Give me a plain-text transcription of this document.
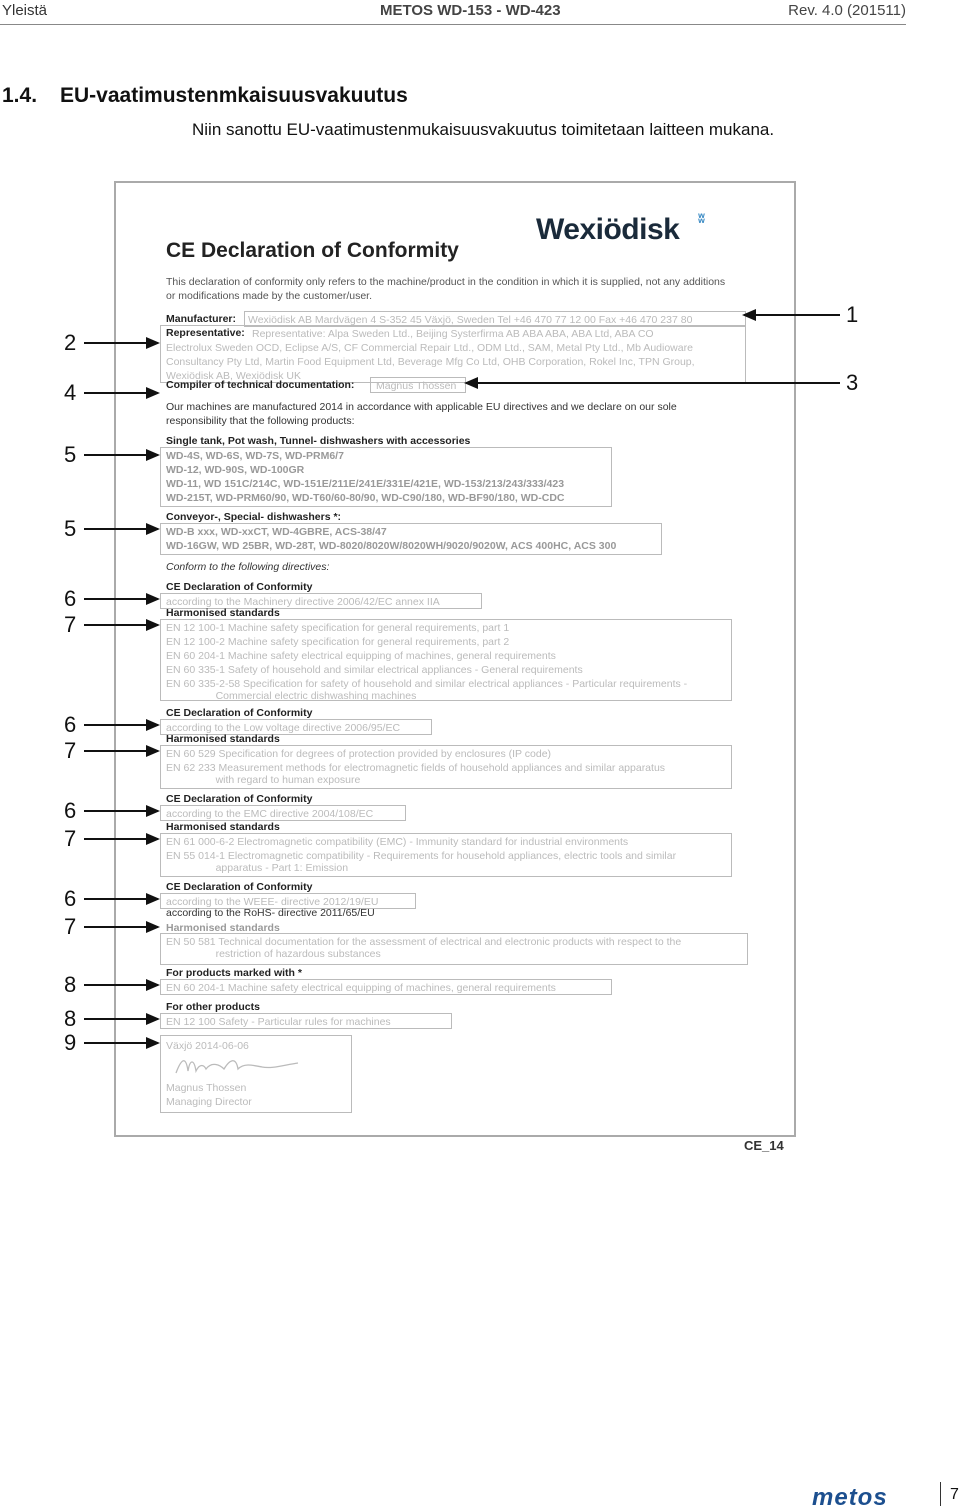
Yleistä	METOS WD-153 - WD-423	Rev. 4.0 (201511)
1.4. EU-vaatimustenmkaisuusvakuutus
Niin sanottu EU-vaatimustenmukaisuusvakuutus toimitetaan laitteen mukana.
CE Declaration of Conformity
Wexiödisk ʬ
This declaration of conformity only refers to the machine/product in the condition in which it is supplied, not any additions or modifications made by the customer/user.
Manufacturer: Wexiödisk AB Mardvägen 4 S-352 45 Växjö, Sweden Tel +46 470 77 12 00 Fax +46 470 237 80
Representative: Representative: Alpa Sweden Ltd., Beijing Systerfirma AB ABA ABA, ABA Ltd, ABA CO
Electrolux Sweden OCD, Eclipse A/S, CF Commercial Repair Ltd., ODM Ltd., SAM, Metal Pty Ltd., Mb Audioware
Consultancy Pty Ltd, Martin Food Equipment Ltd, Beverage Mfg Co Ltd, OHB Corporation, Rokel Inc, TPN Group,
Wexiödisk AB, Wexiödisk UK
Compiler of technical documentation: Magnus Thossen
Our machines are manufactured 2014 in accordance with applicable EU directives and we declare on our sole
responsibility that the following products:
Single tank, Pot wash, Tunnel- dishwashers with accessories
WD-4S, WD-6S, WD-7S, WD-PRM6/7
WD-12, WD-90S, WD-100GR
WD-11, WD 151C/214C, WD-151E/211E/241E/331E/421E, WD-153/213/243/333/423
WD-215T, WD-PRM60/90, WD-T60/60-80/90, WD-C90/180, WD-BF90/180, WD-CDC
Conveyor-, Special- dishwashers *:
WD-B xxx, WD-xxCT, WD-4GBRE, ACS-38/47
WD-16GW, WD 25BR, WD-28T, WD-8020/8020W/8020WH/9020/9020W, ACS 400HC, ACS 300
Conform to the following directives:
CE Declaration of Conformity
according to the Machinery directive 2006/42/EC annex IIA
Harmonised standards
EN 12 100-1 Machine safety specification for general requirements, part 1
EN 12 100-2 Machine safety specification for general requirements, part 2
EN 60 204-1 Machine safety electrical equipping of machines, general requirements
EN 60 335-1 Safety of household and similar electrical appliances - General requirements
EN 60 335-2-58 Specification for safety of household and similar electrical appliances - Particular requirements -
Commercial electric dishwashing machines
CE Declaration of Conformity
according to the Low voltage directive 2006/95/EC
Harmonised standards
EN 60 529 Specification for degrees of protection provided by enclosures (IP code)
EN 62 233 Measurement methods for electromagnetic fields of household appliances and similar apparatus
with regard to human exposure
CE Declaration of Conformity
according to the EMC directive 2004/108/EC
Harmonised standards
EN 61 000-6-2 Electromagnetic compatibility (EMC) - Immunity standard for industrial environments
EN 55 014-1 Electromagnetic compatibility - Requirements for household appliances, electric tools and similar
apparatus - Part 1: Emission
CE Declaration of Conformity
according to the WEEE- directive 2012/19/EU
according to the RoHS- directive 2011/65/EU
Harmonised standards
EN 50 581 Technical documentation for the assessment of electrical and electronic products with respect to the
restriction of hazardous substances
For products marked with *
EN 60 204-1 Machine safety electrical equipping of machines, general requirements
For other products
EN 12 100 Safety - Particular rules for machines
Växjö 2014-06-06
Magnus Thossen
Managing Director
CE_14
1
3
2
4
5
5
6
7
6
7
6
7
6
7
8
8
9
metos	7
